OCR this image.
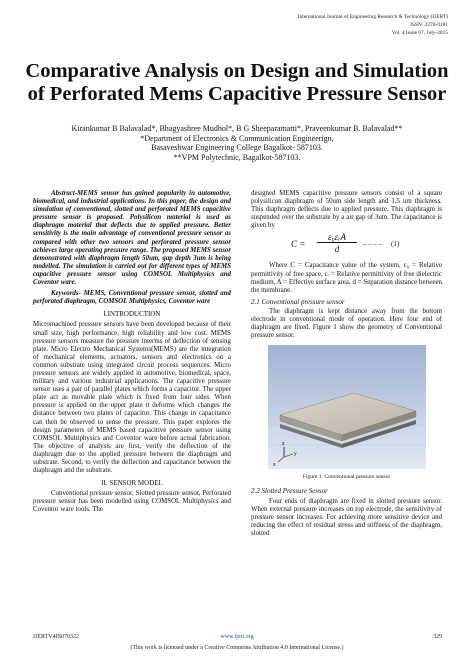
International Journal of Engineering Research & Technology (IJERT)
ISSN: 2278-0181
Vol. 4 Issue 07, July-2015
Comparative Analysis on Design and Simulation
of Perforated Mems Capacitive Pressure Sensor
Kirankumar B Balavalad*, Bhagyashree Mudhol*, B G Sheeparamatti*, Praveenkumar B. Balavalad**
*Department of Electronics & Communication Engineerign,
Basaveshwar Engineering College Bagalkot- 587103.
**VPM Polytechnic, Bagalkot-587103.

Abstract-MEMS sensor has gained popularity in automotive, biomedical, and industrial applications. In this paper, the design and simulation of conventional, slotted and perforated MEMS capacitive pressure sensor is proposed. Polysilicon material is used as diaphragm material that deflects due to applied pressure. Better sensitivity is the main advantage of conventional pressure sensor as compared with other two sensors and perforated pressure sensor achieves large operating pressure range. The proposed MEMS sensor demonstrated with diaphragm length 50um, gap depth 3um is being modelled. The simulation is carried out for different types of MEMS capacitive pressure sensor using COMSOL Multiphysics and Coventor ware.

Keywords- MEMS, Conventional pressure sensor, slotted and perforated diaphragm, COMSOL Multiphysics, Coventor ware

I.INTRODUCTION

Micromachined pressure sensors have been developed because of their small size, high performance, high reliability and low cost. MEMS pressure sensors measure the pressure interms of deflection of sensing plate. Micro Electro Mechanical Systems(MEMS) are the integration of mechanical elements, actuators, sensors and electronics on a common substrate using integrated circuit process sequences. Micro pressure sensors are widely applied in automotive, biomedical, space, military and various industrial applications. The capacitive pressure sensor uses a pair of parallel plates which forms a capacitor. The upper plate act as movable plate which is fixed from four sides. When pressure is applied on the upper plate it deforms which changes the distance between two plates of capacitor. This change in capacitance can then be observed to sense the pressure. This paper explores the design parameters of MEMS based capacitive pressure sensor using COMSOL Multiphysics and Coventor ware before actual fabrication. The objective of analysis are first, verify the deflection of the diaphragm due to the applied pressure between the diaphragm and substrate. Second, to verify the deflection and capacitance between the diaphragm and the substrate.

II. SENSOR MODEL

Conventional pressure sensor, Slotted pressure sensor, Perforated pressure sensor has been modelled using COMSOL Multiphysics and Coventor ware tools. The

designed MEMS capacitive pressure sensors consist of a square polysilicon diaphragm of 50um side length and 1.5 um thickness. This diaphragm deflects due to applied pressure. This diaphragm is suspended over the substrate by a air gap of 3um. The capacitance is given by

C =
ε₀εᵣA
d	– – – – (1)

Where C = Capacitance value of the system, ε₀ = Relative permittivity of free space, εᵣ = Relative permittivity of free dielectric medium, A = Effective surface area, d = Separation distance between the membrane.

2.1 Conventional pressure sensor

The diaphragm is kept distance away from the bottom electrode in conventional mode of operation. Here four end of diaphragm are fixed. Figure 1 show the geometry of Conventional pressure sensor.

z
y
x
Figure 1. Conventional pressure sensor
2.2 Slotted Pressure Sensor

Four ends of diaphragm are fixed in slotted pressure sensor. When external pressure increases on top electrode, the sensitivity of pressure sensor increases. For achieving more sensitive device and reducing the effect of residual stress and stiffness of the diaphragm, slotted

IJERTV4IS070322	www.ijert.org	329
(This work is licensed under a Creative Commons Attribution 4.0 International License.)
